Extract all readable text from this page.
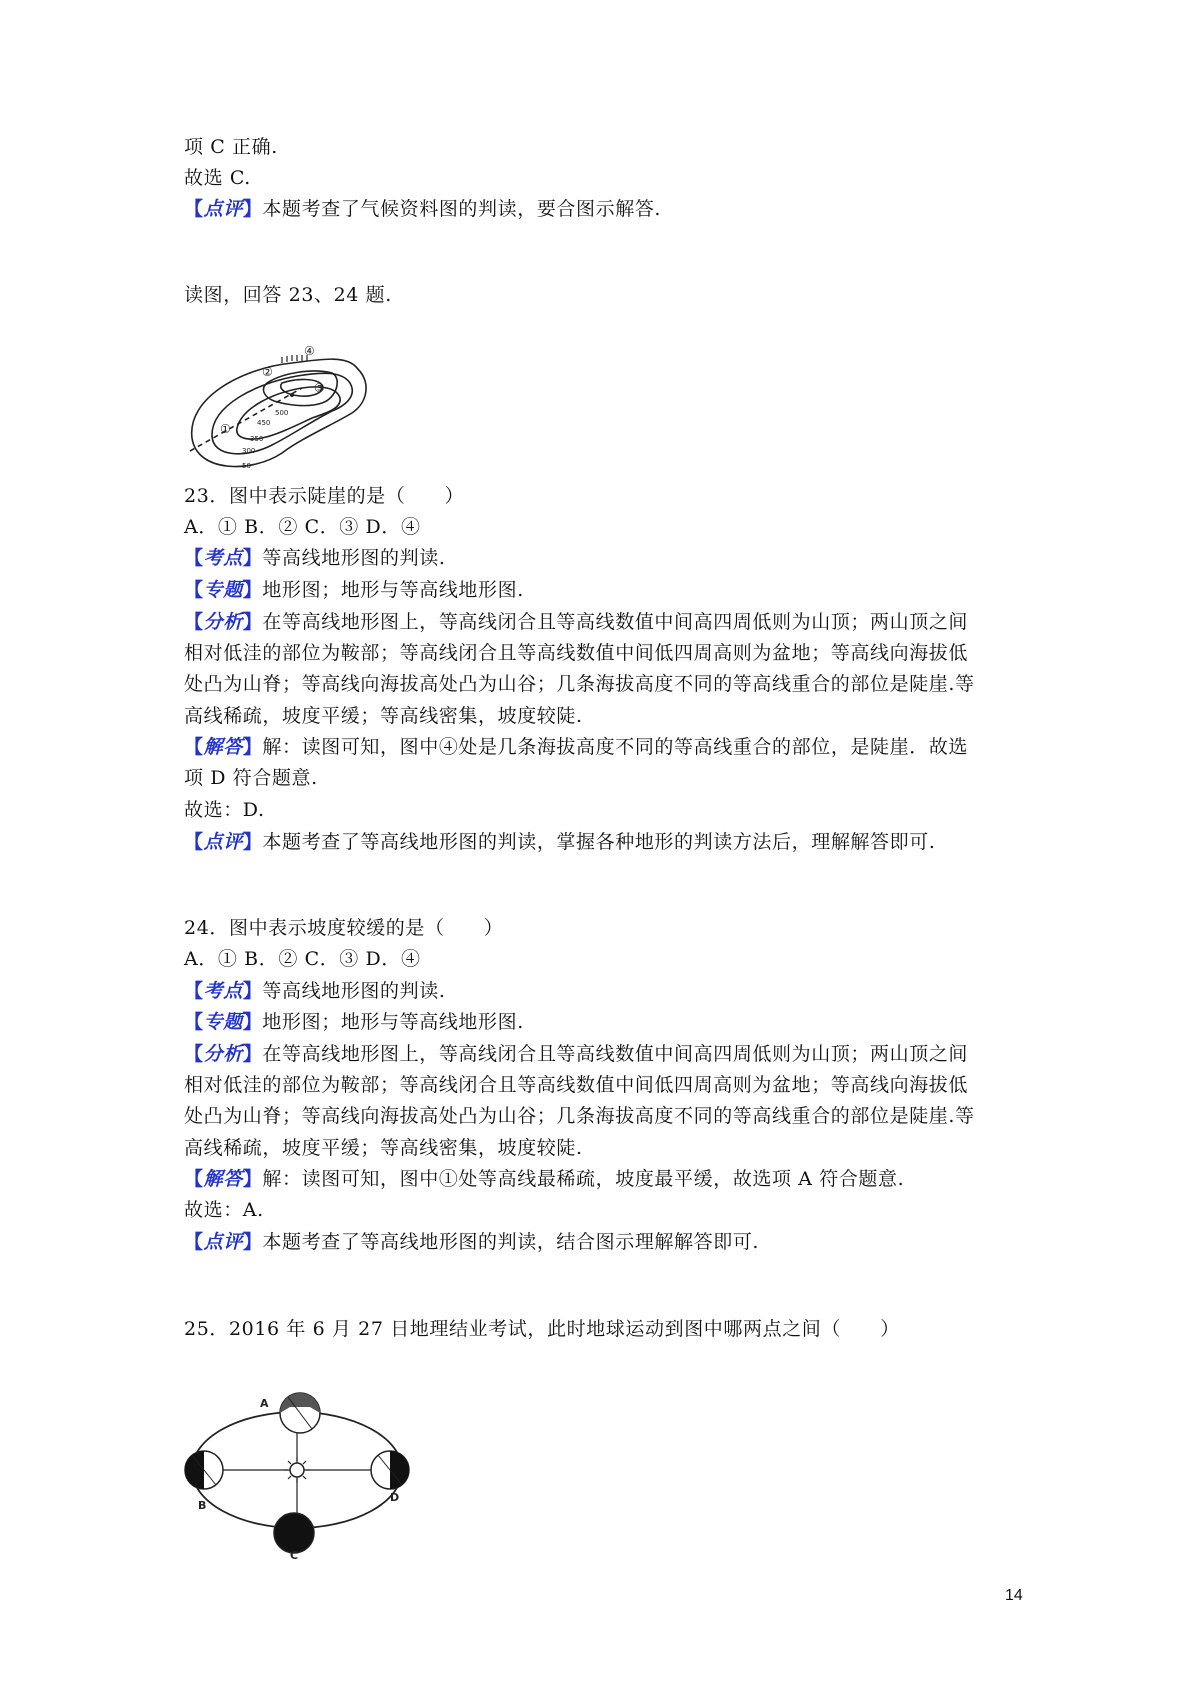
项 C 正确.
故选 C.
【点评】本题考查了气候资料图的判读，要合图示解答.
读图，回答 23、24 题.
①
②
③
④
500
450
350
300
50
23．图中表示陡崖的是（　　）
A．① B．② C．③ D．④
【考点】等高线地形图的判读.
【专题】地形图；地形与等高线地形图.
【分析】在等高线地形图上，等高线闭合且等高线数值中间高四周低则为山顶；两山顶之间
相对低洼的部位为鞍部；等高线闭合且等高线数值中间低四周高则为盆地；等高线向海拔低
处凸为山脊；等高线向海拔高处凸为山谷；几条海拔高度不同的等高线重合的部位是陡崖.等
高线稀疏，坡度平缓；等高线密集，坡度较陡.
【解答】解：读图可知，图中④处是几条海拔高度不同的等高线重合的部位，是陡崖．故选
项 D 符合题意.
故选：D.
【点评】本题考查了等高线地形图的判读，掌握各种地形的判读方法后，理解解答即可.
24．图中表示坡度较缓的是（　　）
A．① B．② C．③ D．④
【考点】等高线地形图的判读.
【专题】地形图；地形与等高线地形图.
【分析】在等高线地形图上，等高线闭合且等高线数值中间高四周低则为山顶；两山顶之间
相对低洼的部位为鞍部；等高线闭合且等高线数值中间低四周高则为盆地；等高线向海拔低
处凸为山脊；等高线向海拔高处凸为山谷；几条海拔高度不同的等高线重合的部位是陡崖.等
高线稀疏，坡度平缓；等高线密集，坡度较陡.
【解答】解：读图可知，图中①处等高线最稀疏，坡度最平缓，故选项 A 符合题意.
故选：A.
【点评】本题考查了等高线地形图的判读，结合图示理解解答即可.
25．2016 年 6 月 27 日地理结业考试，此时地球运动到图中哪两点之间（　　）
A
B
C
D
14
